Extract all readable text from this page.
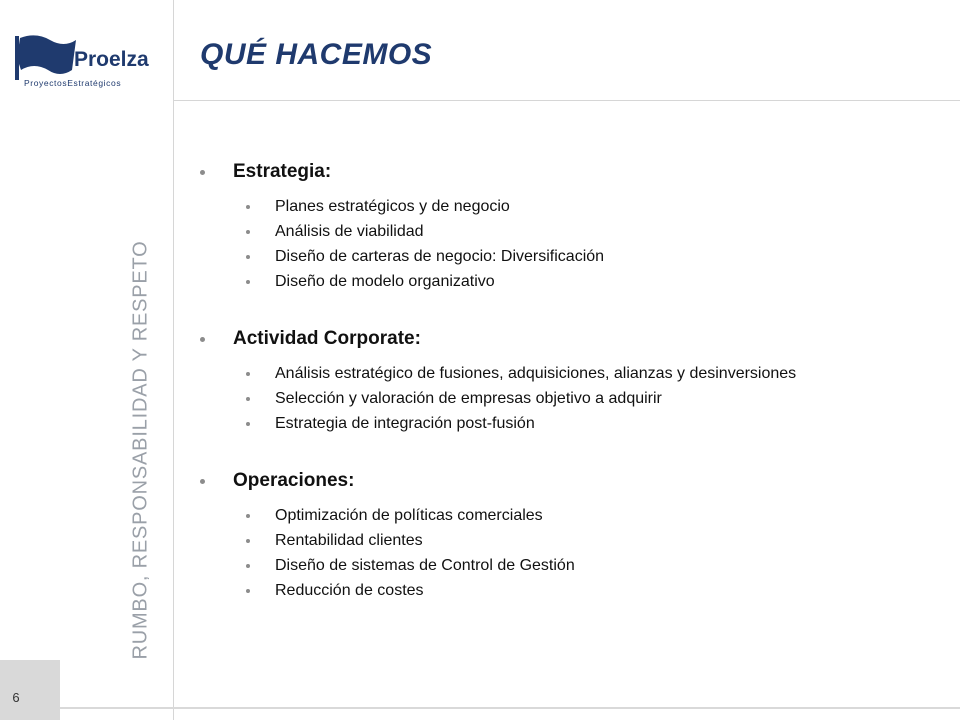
6
Proelza
ProyectosEstratégicos
QUÉ HACEMOS
RUMBO, RESPONSABILIDAD Y RESPETO
Estrategia:
Planes estratégicos y de negocio
Análisis de viabilidad
Diseño de carteras de negocio: Diversificación
Diseño de modelo organizativo
Actividad Corporate:
Análisis estratégico de fusiones, adquisiciones, alianzas y desinversiones
Selección y valoración de empresas objetivo a adquirir
Estrategia de integración post-fusión
Operaciones:
Optimización de políticas comerciales
Rentabilidad clientes
Diseño de sistemas de Control de Gestión
Reducción de costes
